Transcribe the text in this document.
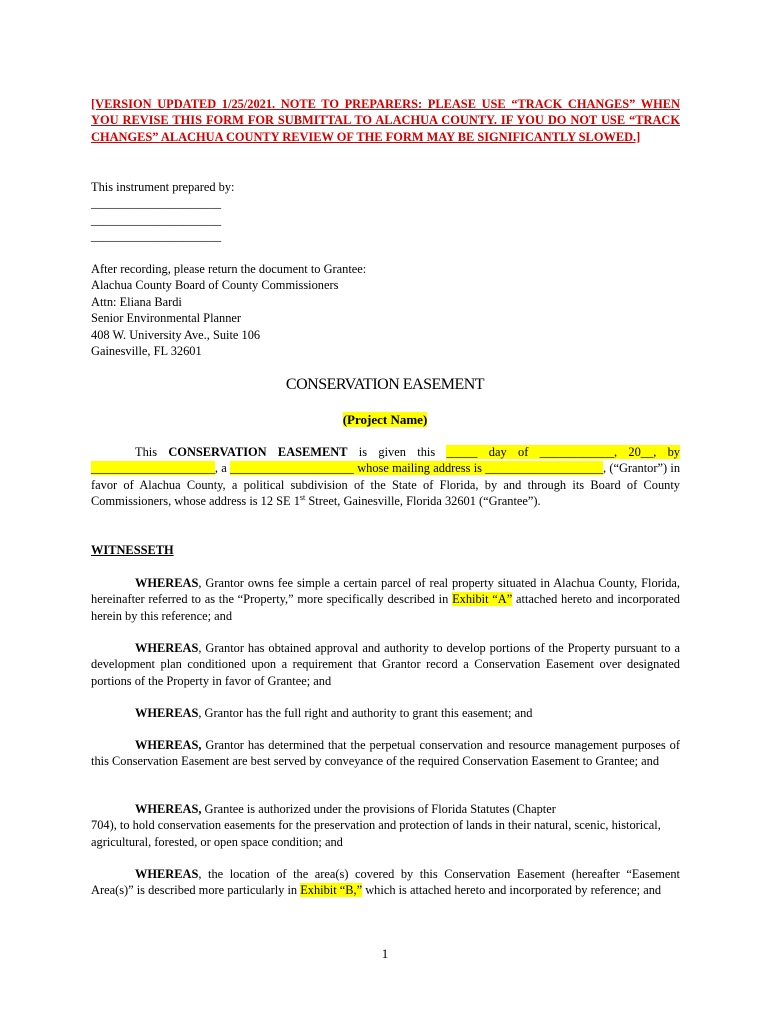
[VERSION UPDATED 1/25/2021. NOTE TO PREPARERS: PLEASE USE “TRACK CHANGES” WHEN YOU REVISE THIS FORM FOR SUBMITTAL TO ALACHUA COUNTY. IF YOU DO NOT USE “TRACK CHANGES” ALACHUA COUNTY REVIEW OF THE FORM MAY BE SIGNIFICANTLY SLOWED.]
This instrument prepared by:
_____________________
_____________________
_____________________
After recording, please return the document to Grantee:
Alachua County Board of County Commissioners
Attn: Eliana Bardi
Senior Environmental Planner
408 W. University Ave., Suite 106
Gainesville, FL 32601
CONSERVATION EASEMENT
(Project Name)
This CONSERVATION EASEMENT is given this _____ day of ____________, 20__, by ____________________, a ____________________ whose mailing address is ___________________, (“Grantor”) in favor of Alachua County, a political subdivision of the State of Florida, by and through its Board of County Commissioners, whose address is 12 SE 1st Street, Gainesville, Florida 32601 (“Grantee”).
WITNESSETH
WHEREAS, Grantor owns fee simple a certain parcel of real property situated in Alachua County, Florida, hereinafter referred to as the “Property,” more specifically described in Exhibit “A” attached hereto and incorporated herein by this reference; and
WHEREAS, Grantor has obtained approval and authority to develop portions of the Property pursuant to a development plan conditioned upon a requirement that Grantor record a Conservation Easement over designated portions of the Property in favor of Grantee; and
WHEREAS, Grantor has the full right and authority to grant this easement; and
WHEREAS, Grantor has determined that the perpetual conservation and resource management purposes of this Conservation Easement are best served by conveyance of the required Conservation Easement to Grantee; and
WHEREAS, Grantee is authorized under the provisions of Florida Statutes (Chapter
704), to hold conservation easements for the preservation and protection of lands in their natural, scenic, historical, agricultural, forested, or open space condition; and
WHEREAS, the location of the area(s) covered by this Conservation Easement (hereafter “Easement Area(s)” is described more particularly in Exhibit “B,” which is attached hereto and incorporated by reference; and
1
